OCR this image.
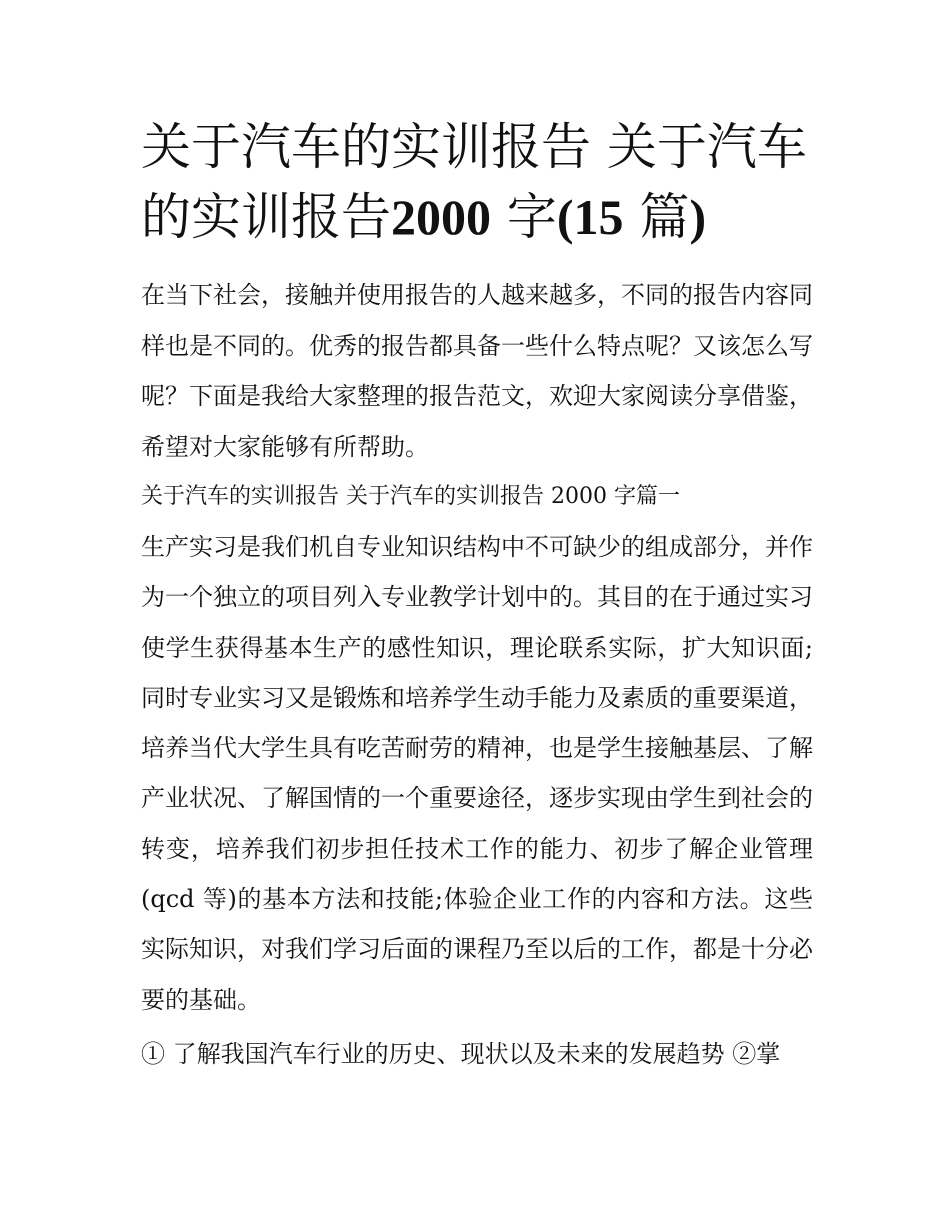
关于汽车的实训报告 关于汽车的实训报告2000 字(15 篇)

在当下社会，接触并使用报告的人越来越多，不同的报告内容同样也是不同的。优秀的报告都具备一些什么特点呢？又该怎么写呢？下面是我给大家整理的报告范文，欢迎大家阅读分享借鉴，希望对大家能够有所帮助。

关于汽车的实训报告 关于汽车的实训报告 2000 字篇一

生产实习是我们机自专业知识结构中不可缺少的组成部分，并作为一个独立的项目列入专业教学计划中的。其目的在于通过实习使学生获得基本生产的感性知识，理论联系实际，扩大知识面;同时专业实习又是锻炼和培养学生动手能力及素质的重要渠道，培养当代大学生具有吃苦耐劳的精神，也是学生接触基层、了解产业状况、了解国情的一个重要途径，逐步实现由学生到社会的转变，培养我们初步担任技术工作的能力、初步了解企业管理(qcd 等)的基本方法和技能;体验企业工作的内容和方法。这些实际知识，对我们学习后面的课程乃至以后的工作，都是十分必要的基础。

① 了解我国汽车行业的历史、现状以及未来的发展趋势 ②掌
